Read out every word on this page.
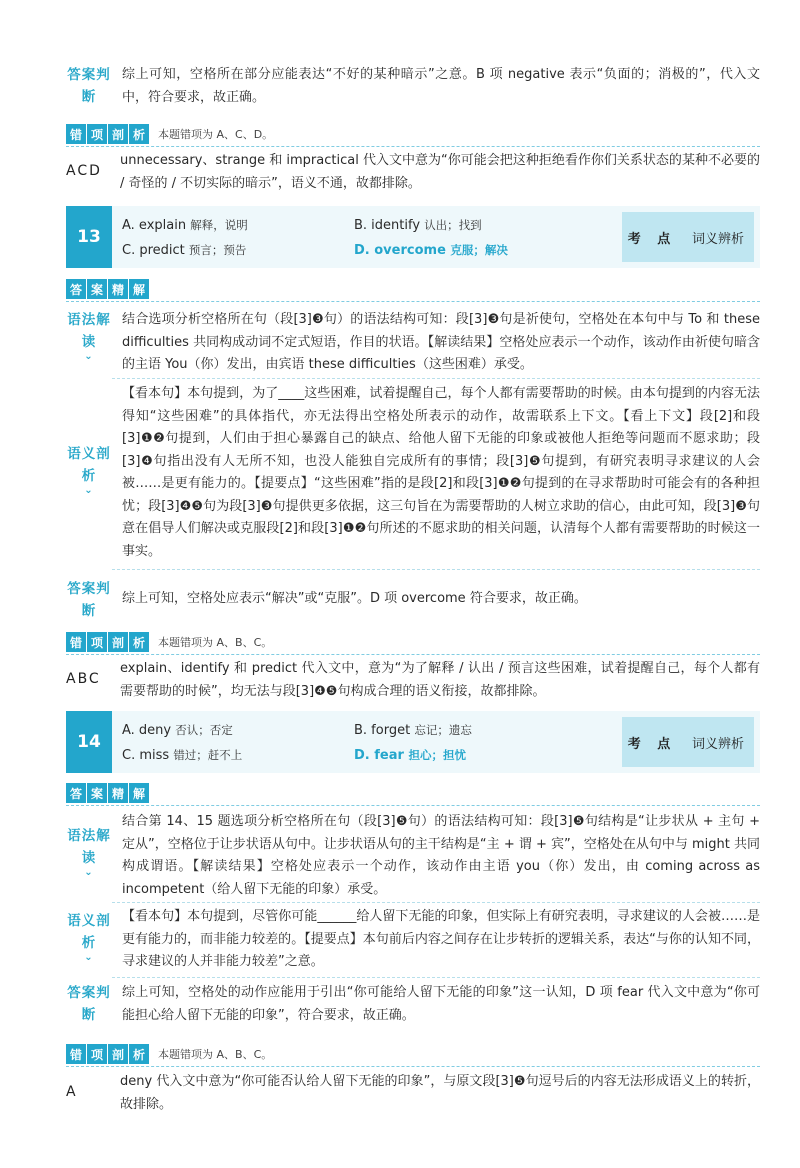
答案判断
综上可知，空格所在部分应能表达“不好的某种暗示”之意。B 项 negative 表示“负面的；消极的”，代入文中，符合要求，故正确。
错 项 剖 析	本题错项为 A、C、D。
ACD
unnecessary、strange 和 impractical 代入文中意为“你可能会把这种拒绝看作你们关系状态的某种不必要的 / 奇怪的 / 不切实际的暗示”，语义不通，故都排除。
13
A. explain 解释，说明	B. identify 认出；找到
C. predict 预言；预告	D. overcome 克服；解决
考 点	词义辨析
答 案 精 解
语法解读
⌄
结合选项分析空格所在句（段[3]❸句）的语法结构可知：段[3]❸句是祈使句，空格处在本句中与 To 和 these difficulties 共同构成动词不定式短语，作目的状语。【解读结果】空格处应表示一个动作，该动作由祈使句暗含的主语 You（你）发出，由宾语 these difficulties（这些困难）承受。
语义剖析
⌄
【看本句】本句提到，为了____这些困难，试着提醒自己，每个人都有需要帮助的时候。由本句提到的内容无法得知“这些困难”的具体指代，亦无法得出空格处所表示的动作，故需联系上下文。【看上下文】段[2]和段[3]❶❷句提到，人们由于担心暴露自己的缺点、给他人留下无能的印象或被他人拒绝等问题而不愿求助；段[3]❹句指出没有人无所不知，也没人能独自完成所有的事情；段[3]❺句提到，有研究表明寻求建议的人会被……是更有能力的。【提要点】“这些困难”指的是段[2]和段[3]❶❷句提到的在寻求帮助时可能会有的各种担忧；段[3]❹❺句为段[3]❸句提供更多依据，这三句旨在为需要帮助的人树立求助的信心，由此可知，段[3]❸句意在倡导人们解决或克服段[2]和段[3]❶❷句所述的不愿求助的相关问题，认清每个人都有需要帮助的时候这一事实。
答案判断
综上可知，空格处应表示“解决”或“克服”。D 项 overcome 符合要求，故正确。
错 项 剖 析	本题错项为 A、B、C。
ABC
explain、identify 和 predict 代入文中，意为“为了解释 / 认出 / 预言这些困难，试着提醒自己，每个人都有需要帮助的时候”，均无法与段[3]❹❺句构成合理的语义衔接，故都排除。
14
A. deny 否认；否定	B. forget 忘记；遗忘
C. miss 错过；赶不上	D. fear 担心；担忧
考 点	词义辨析
答 案 精 解
语法解读
⌄
结合第 14、15 题选项分析空格所在句（段[3]❺句）的语法结构可知：段[3]❺句结构是“让步状从 + 主句 + 定从”，空格位于让步状语从句中。让步状语从句的主干结构是“主 + 谓 + 宾”，空格处在从句中与 might 共同构成谓语。【解读结果】空格处应表示一个动作，该动作由主语 you（你）发出，由 coming across as incompetent（给人留下无能的印象）承受。
语义剖析
⌄
【看本句】本句提到，尽管你可能______给人留下无能的印象，但实际上有研究表明，寻求建议的人会被……是更有能力的，而非能力较差的。【提要点】本句前后内容之间存在让步转折的逻辑关系，表达“与你的认知不同，寻求建议的人并非能力较差”之意。
答案判断
综上可知，空格处的动作应能用于引出“你可能给人留下无能的印象”这一认知，D 项 fear 代入文中意为“你可能担心给人留下无能的印象”，符合要求，故正确。
错 项 剖 析	本题错项为 A、B、C。
A
deny 代入文中意为“你可能否认给人留下无能的印象”，与原文段[3]❺句逗号后的内容无法形成语义上的转折，故排除。
